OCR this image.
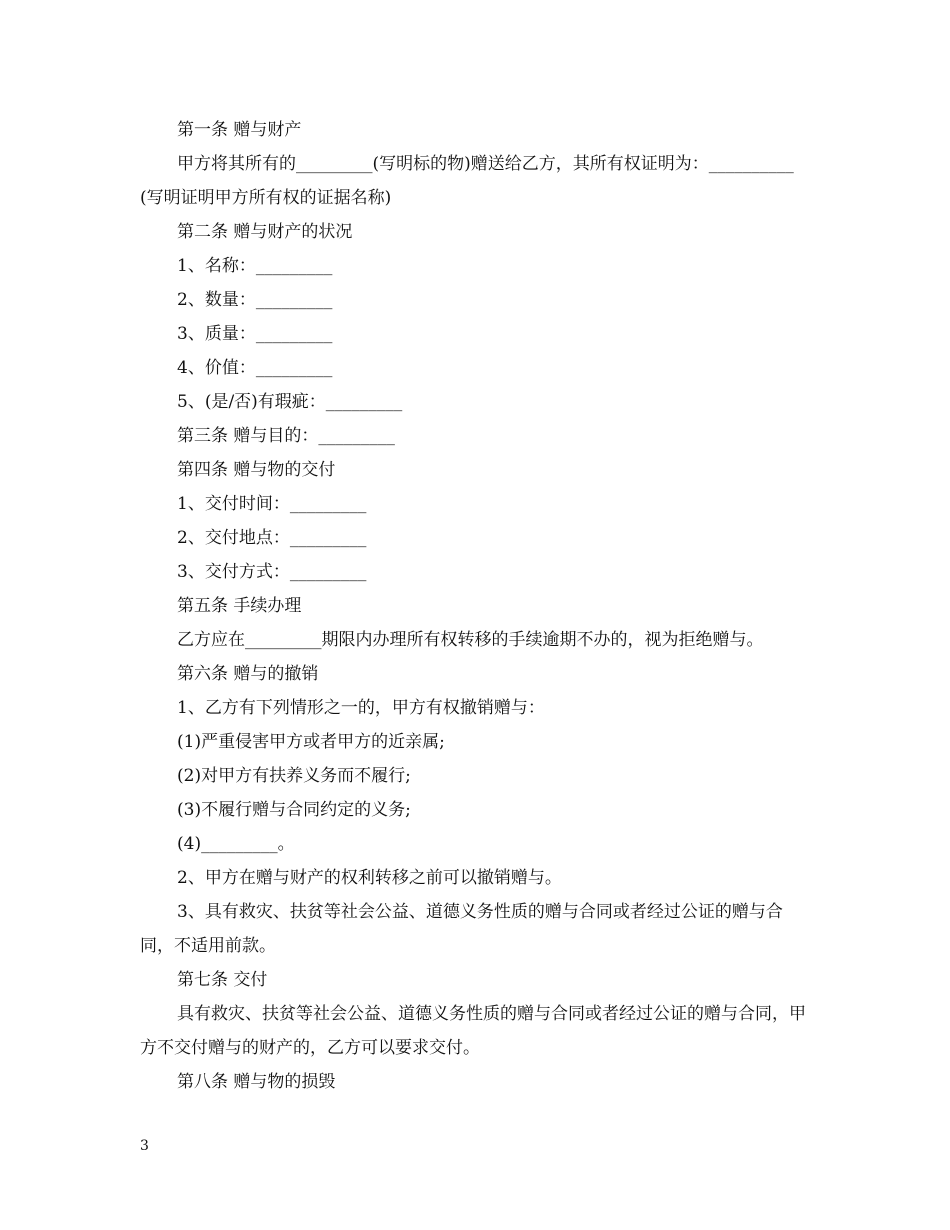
第一条 赠与财产

甲方将其所有的_________(写明标的物)赠送给乙方，其所有权证明为：__________(写明证明甲方所有权的证据名称)

第二条 赠与财产的状况

1、名称：_________

2、数量：_________

3、质量：_________

4、价值：_________

5、(是/否)有瑕疵：_________

第三条 赠与目的：_________

第四条 赠与物的交付

1、交付时间：_________

2、交付地点：_________

3、交付方式：_________

第五条 手续办理

乙方应在_________期限内办理所有权转移的手续逾期不办的，视为拒绝赠与。

第六条 赠与的撤销

1、乙方有下列情形之一的，甲方有权撤销赠与：

(1)严重侵害甲方或者甲方的近亲属;

(2)对甲方有扶养义务而不履行;

(3)不履行赠与合同约定的义务;

(4)_________。

2、甲方在赠与财产的权利转移之前可以撤销赠与。

3、具有救灾、扶贫等社会公益、道德义务性质的赠与合同或者经过公证的赠与合同，不适用前款。

第七条 交付

具有救灾、扶贫等社会公益、道德义务性质的赠与合同或者经过公证的赠与合同，甲方不交付赠与的财产的，乙方可以要求交付。

第八条 赠与物的损毁

3
